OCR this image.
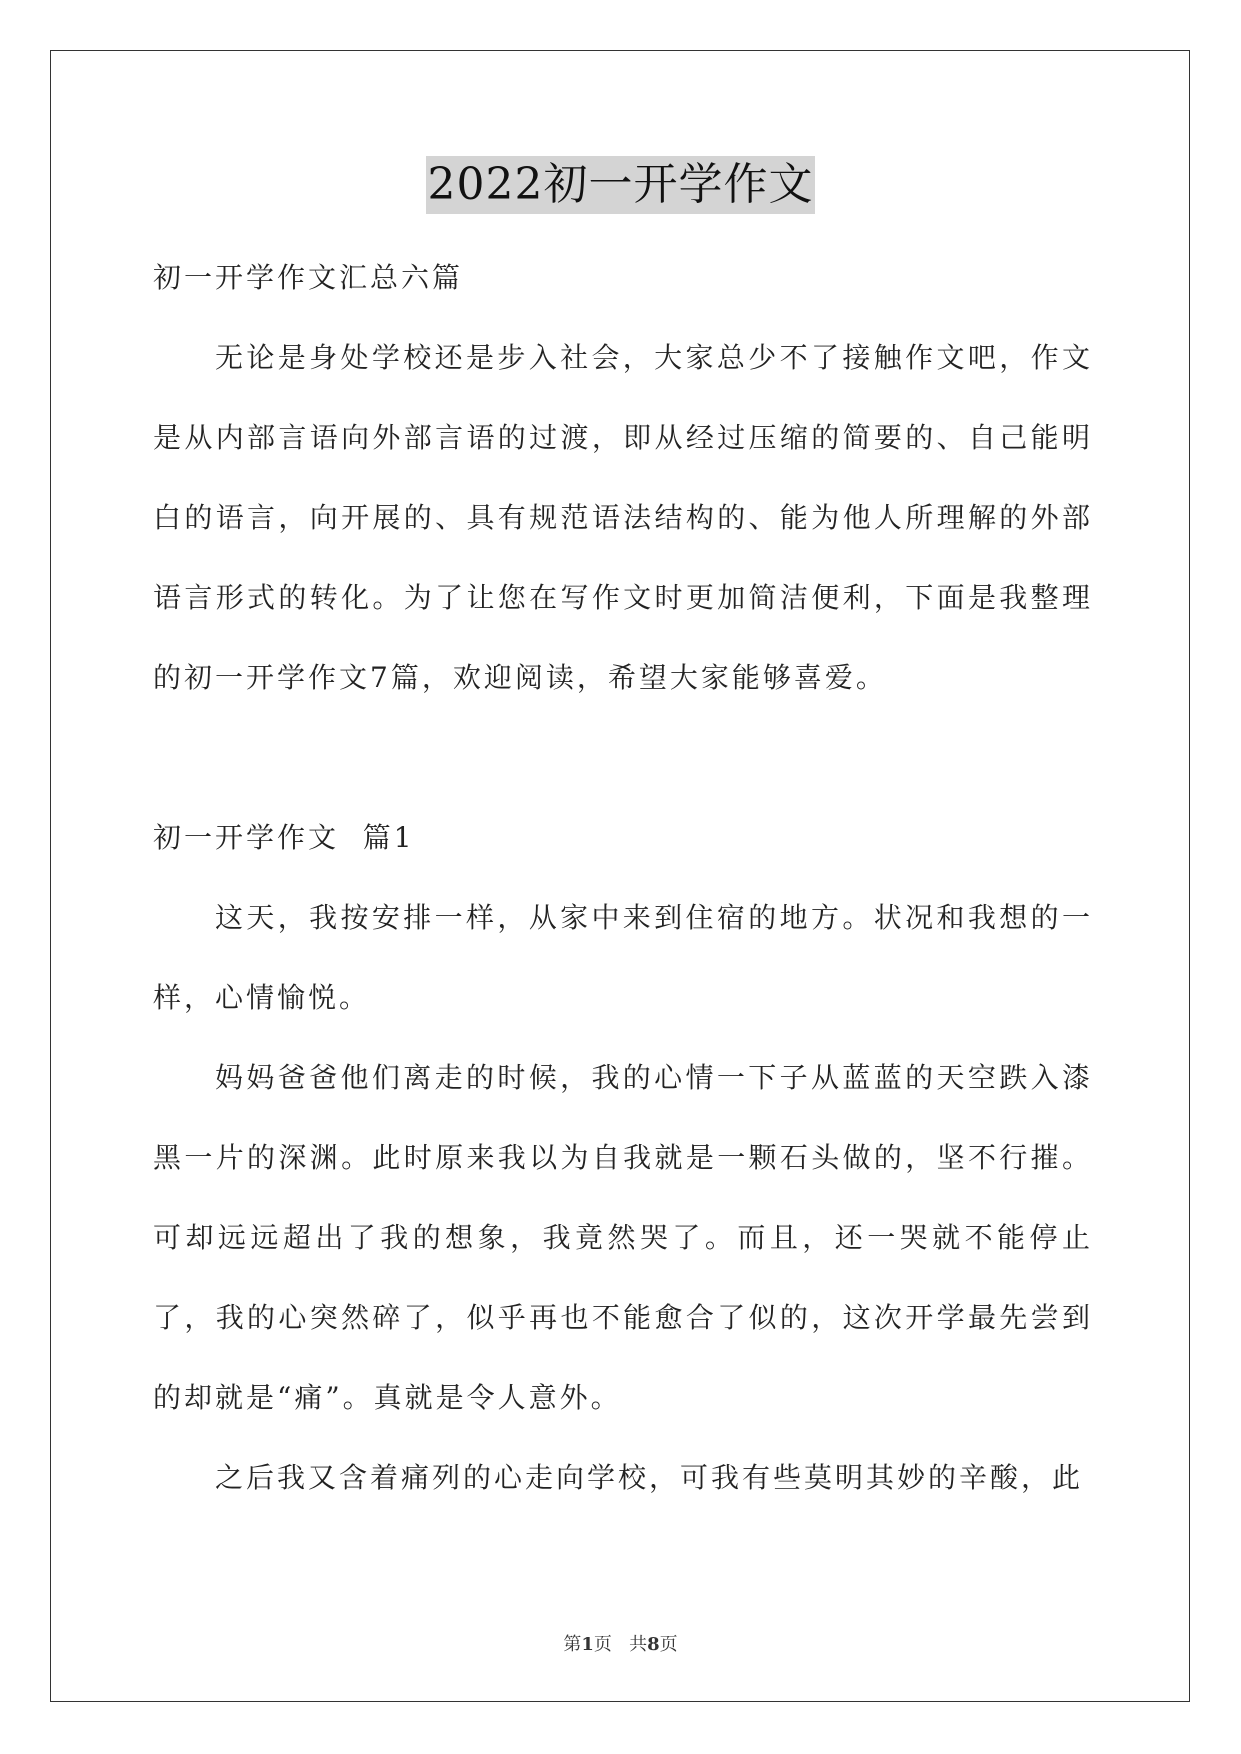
2022初一开学作文

初一开学作文汇总六篇

无论是身处学校还是步入社会，大家总少不了接触作文吧，作文是从内部言语向外部言语的过渡，即从经过压缩的简要的、自己能明白的语言，向开展的、具有规范语法结构的、能为他人所理解的外部语言形式的转化。为了让您在写作文时更加简洁便利，下面是我整理的初一开学作文7篇，欢迎阅读，希望大家能够喜爱。

初一开学作文  篇1

这天，我按安排一样，从家中来到住宿的地方。状况和我想的一样，心情愉悦。

妈妈爸爸他们离走的时候，我的心情一下子从蓝蓝的天空跌入漆黑一片的深渊。此时原来我以为自我就是一颗石头做的，坚不行摧。可却远远超出了我的想象，我竟然哭了。而且，还一哭就不能停止了，我的心突然碎了，似乎再也不能愈合了似的，这次开学最先尝到的却就是“痛”。真就是令人意外。

之后我又含着痛列的心走向学校，可我有些莫明其妙的辛酸，此

第1页   共8页
